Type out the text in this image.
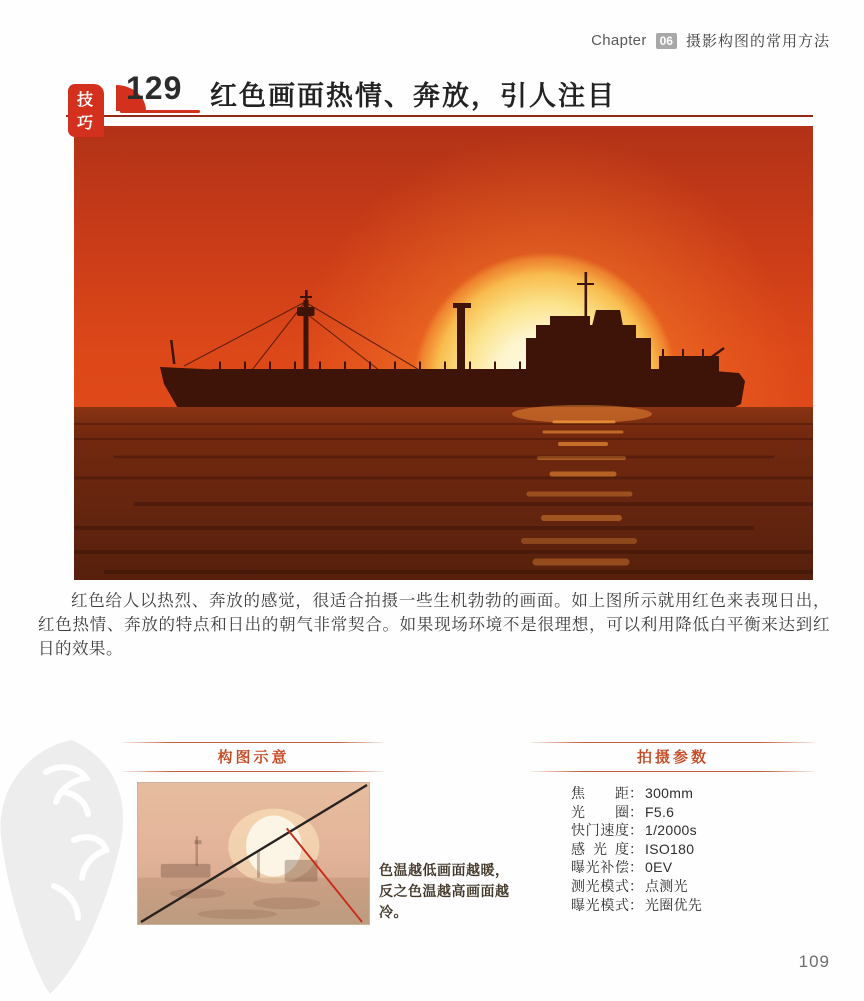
Chapter	06 摄影构图的常用方法
技巧
129 红色画面热情、奔放，引人注目

红色给人以热烈、奔放的感觉，很适合拍摄一些生机勃勃的画面。如上图所示就用红色来表现日出，红色热情、奔放的特点和日出的朝气非常契合。如果现场环境不是很理想，可以利用降低白平衡来达到红日的效果。

构图示意

色温越低画面越暖，反之色温越高画面越冷。

拍摄参数
焦距： 300mm
光圈： F5.6
快门速度： 1/2000s
感光度： ISO180
曝光补偿： 0EV
测光模式： 点测光
曝光模式： 光圈优先
109
